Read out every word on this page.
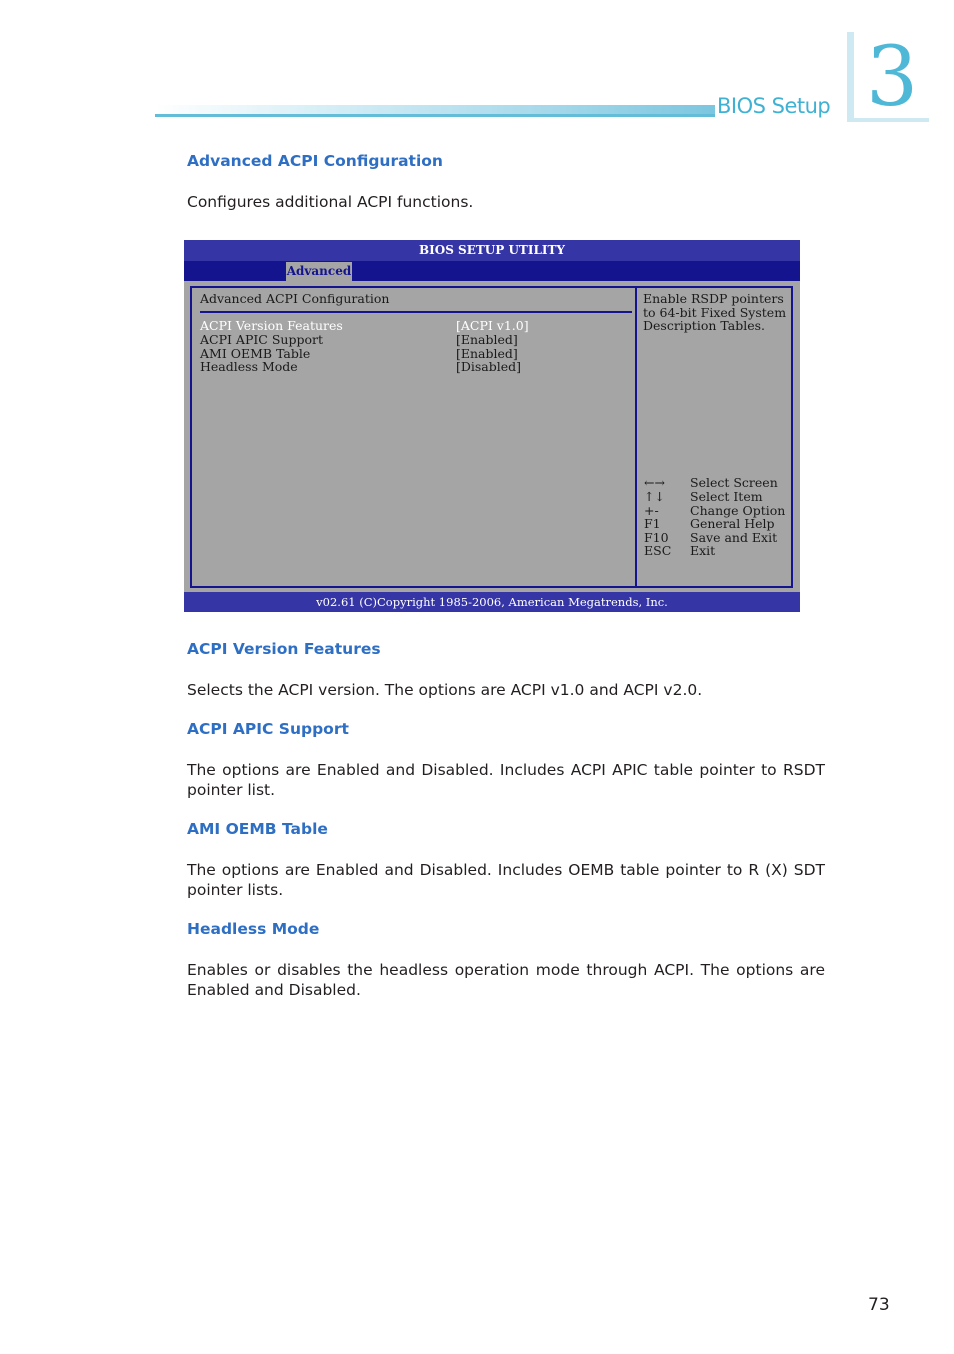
BIOS Setup 3
Advanced ACPI Configuration
Configures additional ACPI functions.
BIOS SETUP UTILITY
Advanced
Advanced ACPI Configuration
ACPI Version Features	[ACPI v1.0]
ACPI APIC Support	[Enabled]
AMI OEMB Table	[Enabled]
Headless Mode	[Disabled]
Enable RSDP pointers
to 64-bit Fixed System
Description Tables.
←→ Select Screen
↑↓ Select Item
+-	Change Option
F1 General Help
F10 Save and Exit
ESC Exit
v02.61 (C)Copyright 1985-2006, American Megatrends, Inc.
ACPI Version Features
Selects the ACPI version. The options are ACPI v1.0 and ACPI v2.0.
ACPI APIC Support
The options are Enabled and Disabled. Includes ACPI APIC table pointer to RSDT pointer list.
AMI OEMB Table
The options are Enabled and Disabled. Includes OEMB table pointer to R (X) SDT pointer lists.
Headless Mode
Enables or disables the headless operation mode through ACPI. The options are Enabled and Disabled.
73
